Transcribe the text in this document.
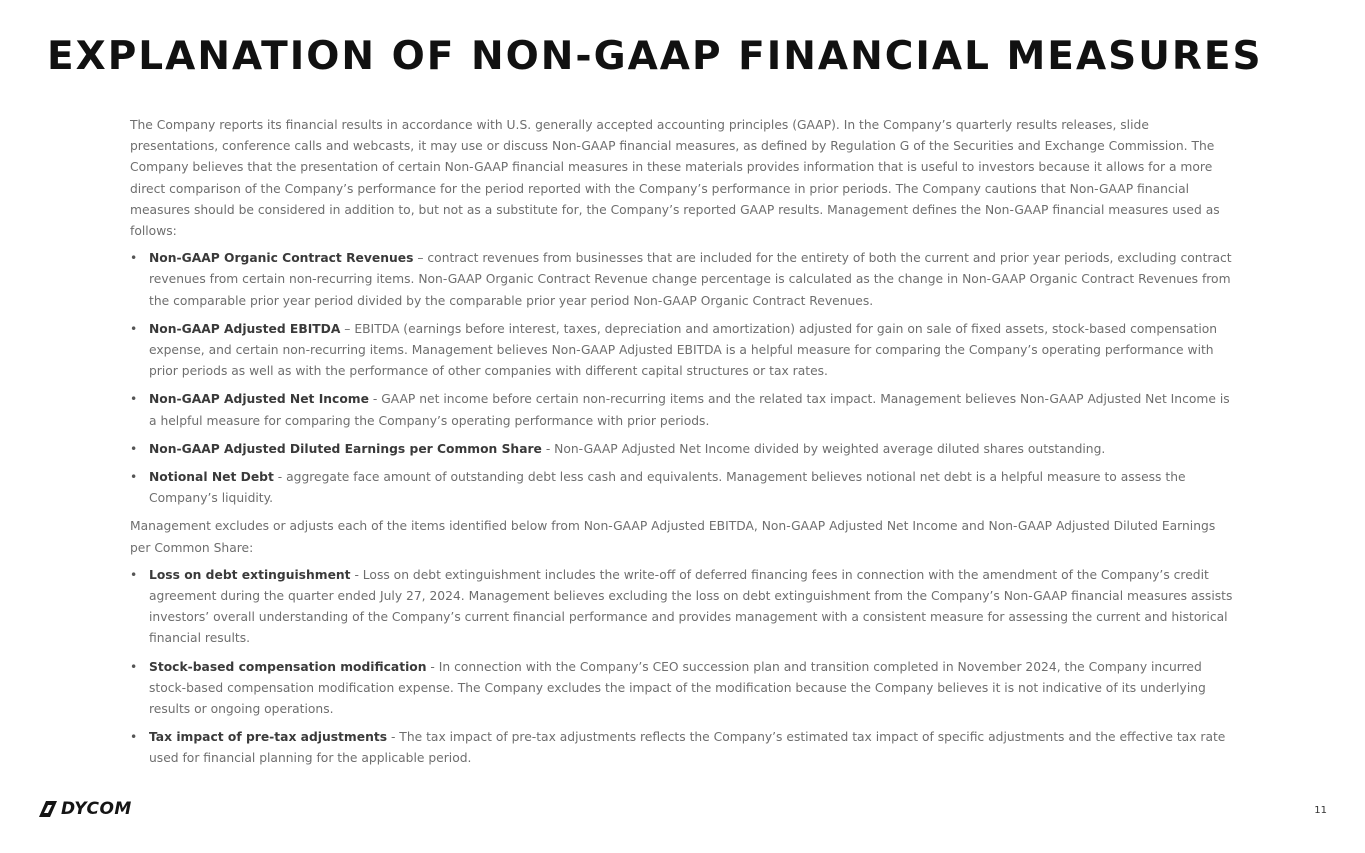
EXPLANATION OF NON-GAAP FINANCIAL MEASURES

The Company reports its financial results in accordance with U.S. generally accepted accounting principles (GAAP). In the Company’s quarterly results releases, slide presentations, conference calls and webcasts, it may use or discuss Non-GAAP financial measures, as defined by Regulation G of the Securities and Exchange Commission. The Company believes that the presentation of certain Non-GAAP financial measures in these materials provides information that is useful to investors because it allows for a more direct comparison of the Company’s performance for the period reported with the Company’s performance in prior periods. The Company cautions that Non-GAAP financial measures should be considered in addition to, but not as a substitute for, the Company’s reported GAAP results. Management defines the Non-GAAP financial measures used as follows:

• Non-GAAP Organic Contract Revenues – contract revenues from businesses that are included for the entirety of both the current and prior year periods, excluding contract revenues from certain non-recurring items. Non-GAAP Organic Contract Revenue change percentage is calculated as the change in Non-GAAP Organic Contract Revenues from the comparable prior year period divided by the comparable prior year period Non-GAAP Organic Contract Revenues.
• Non-GAAP Adjusted EBITDA – EBITDA (earnings before interest, taxes, depreciation and amortization) adjusted for gain on sale of fixed assets, stock-based compensation expense, and certain non-recurring items. Management believes Non-GAAP Adjusted EBITDA is a helpful measure for comparing the Company’s operating performance with prior periods as well as with the performance of other companies with different capital structures or tax rates.
• Non-GAAP Adjusted Net Income - GAAP net income before certain non-recurring items and the related tax impact. Management believes Non-GAAP Adjusted Net Income is a helpful measure for comparing the Company’s operating performance with prior periods.
• Non-GAAP Adjusted Diluted Earnings per Common Share - Non-GAAP Adjusted Net Income divided by weighted average diluted shares outstanding.
• Notional Net Debt - aggregate face amount of outstanding debt less cash and equivalents. Management believes notional net debt is a helpful measure to assess the Company’s liquidity.

Management excludes or adjusts each of the items identified below from Non-GAAP Adjusted EBITDA, Non-GAAP Adjusted Net Income and Non-GAAP Adjusted Diluted Earnings per Common Share:

• Loss on debt extinguishment - Loss on debt extinguishment includes the write-off of deferred financing fees in connection with the amendment of the Company’s credit agreement during the quarter ended July 27, 2024. Management believes excluding the loss on debt extinguishment from the Company’s Non-GAAP financial measures assists investors’ overall understanding of the Company’s current financial performance and provides management with a consistent measure for assessing the current and historical financial results.
• Stock-based compensation modification - In connection with the Company’s CEO succession plan and transition completed in November 2024, the Company incurred stock-based compensation modification expense. The Company excludes the impact of the modification because the Company believes it is not indicative of its underlying results or ongoing operations.
• Tax impact of pre-tax adjustments - The tax impact of pre-tax adjustments reflects the Company’s estimated tax impact of specific adjustments and the effective tax rate used for financial planning for the applicable period.
DYCOM	11
